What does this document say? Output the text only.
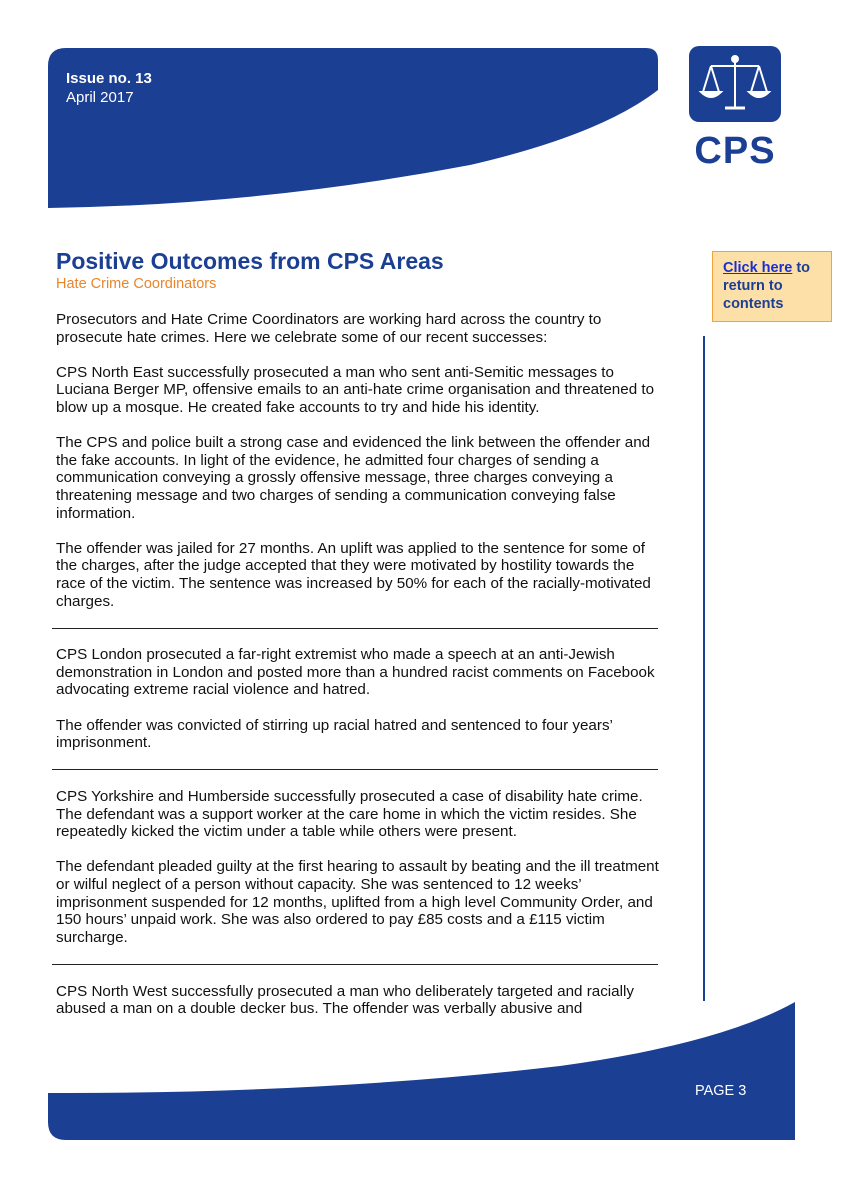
Issue no. 13
April 2017
CPS
Positive Outcomes from CPS Areas
Hate Crime Coordinators
Click here to return to contents

Prosecutors and Hate Crime Coordinators are working hard across the country to prosecute hate crimes. Here we celebrate some of our recent successes:

CPS North East successfully prosecuted a man who sent anti-Semitic messages to Luciana Berger MP, offensive emails to an anti-hate crime organisation and threatened to blow up a mosque. He created fake accounts to try and hide his identity.

The CPS and police built a strong case and evidenced the link between the offender and the fake accounts. In light of the evidence, he admitted four charges of sending a communication conveying a grossly offensive message, three charges conveying a threatening message and two charges of sending a communication conveying false information.

The offender was jailed for 27 months. An uplift was applied to the sentence for some of the charges, after the judge accepted that they were motivated by hostility towards the race of the victim. The sentence was increased by 50% for each of the racially-motivated charges.

CPS London prosecuted a far-right extremist who made a speech at an anti-Jewish demonstration in London and posted more than a hundred racist comments on Facebook advocating extreme racial violence and hatred.

The offender was convicted of stirring up racial hatred and sentenced to four years’ imprisonment.

CPS Yorkshire and Humberside successfully prosecuted a case of disability hate crime. The defendant was a support worker at the care home in which the victim resides. She repeatedly kicked the victim under a table while others were present.

The defendant pleaded guilty at the first hearing to assault by beating and the ill treatment or wilful neglect of a person without capacity. She was sentenced to 12 weeks’ imprisonment suspended for 12 months, uplifted from a high level Community Order, and 150 hours’ unpaid work. She was also ordered to pay £85 costs and a £115 victim surcharge.

CPS North West successfully prosecuted a man who deliberately targeted and racially abused a man on a double decker bus. The offender was verbally abusive and

PAGE 3
